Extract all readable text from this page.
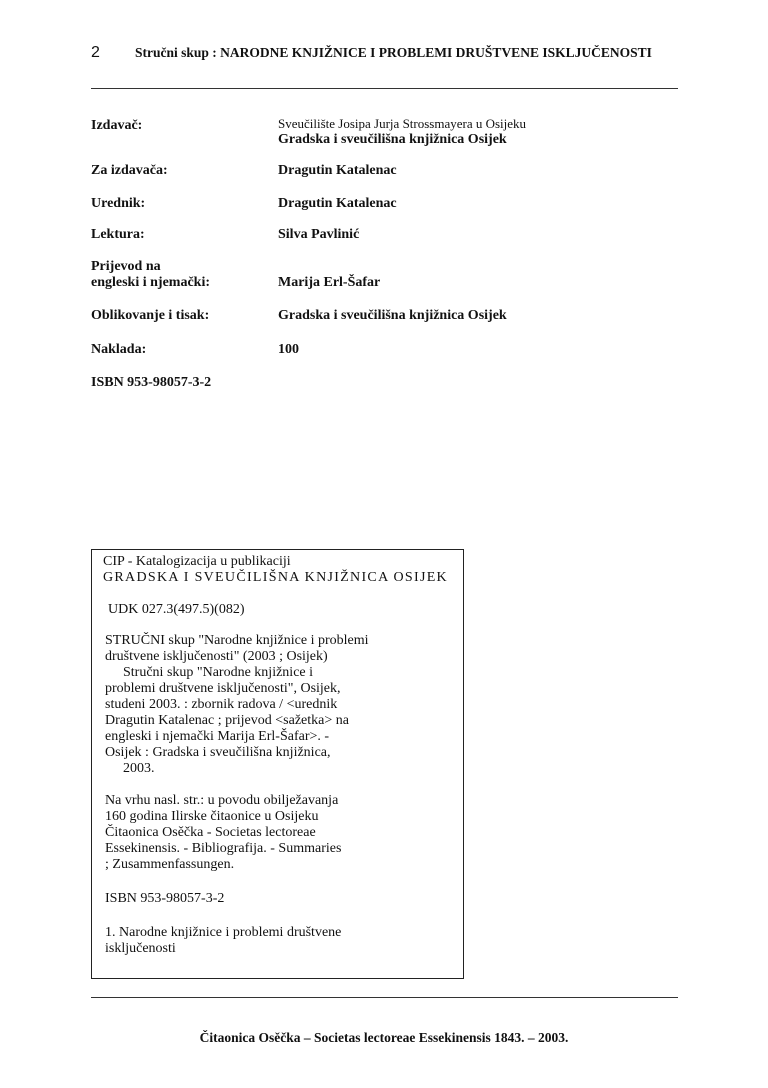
2	Stručni skup : NARODNE KNJIŽNICE I PROBLEMI DRUŠTVENE ISKLJUČENOSTI
Izdavač:	Sveučilište Josipa Jurja Strossmayera u Osijeku
Gradska i sveučilišna knjižnica Osijek
Za izdavača:	Dragutin Katalenac
Urednik:	Dragutin Katalenac
Lektura:	Silva Pavlinić
Prijevod na
engleski i njemački:	Marija Erl-Šafar
Oblikovanje i tisak:	Gradska i sveučilišna knjižnica Osijek
Naklada:	100
ISBN 953-98057-3-2
CIP - Katalogizacija u publikaciji
GRADSKA I SVEUČILIŠNA KNJIŽNICA OSIJEK
UDK 027.3(497.5)(082)
STRUČNI skup "Narodne knjižnice i problemi
društvene isključenosti" (2003 ; Osijek)
Stručni skup "Narodne knjižnice i
problemi društvene isključenosti", Osijek,
studeni 2003. : zbornik radova / <urednik
Dragutin Katalenac ; prijevod <sažetka> na
engleski i njemački Marija Erl-Šafar>. -
Osijek : Gradska i sveučilišna knjižnica,
2003.
Na vrhu nasl. str.: u povodu obilježavanja
160 godina Ilirske čitaonice u Osijeku
Čitaonica Osěčka - Societas lectoreae
Essekinensis. - Bibliografija. - Summaries
; Zusammenfassungen.
ISBN 953-98057-3-2
1. Narodne knjižnice i problemi društvene
isključenosti
Čitaonica Osěčka – Societas lectoreae Essekinensis 1843. – 2003.
